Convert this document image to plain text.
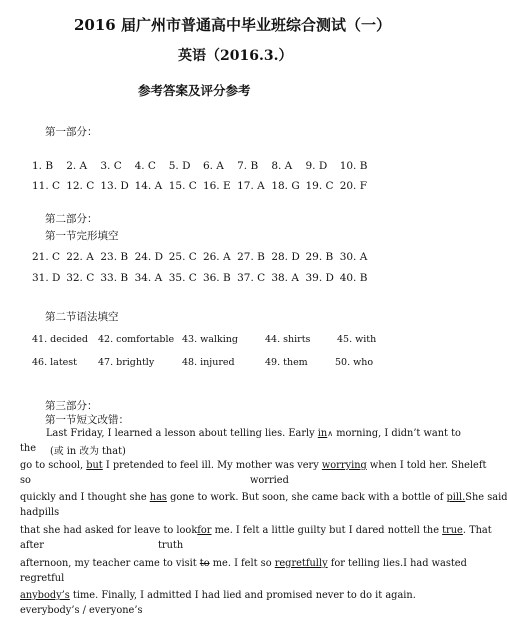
2016 届广州市普通高中毕业班综合测试（一）
英语（2016.3.）
参考答案及评分参考
第一部分：
1. B	2. A	3. C	4. C	5. D	6. A	7. B	8. A	9. D	10. B
11. C 12. C 13. D 14. A 15. C 16. E 17. A 18. G 19. C 20. F
第二部分：
第一节完形填空
21. C 22. A 23. B 24. D 25. C 26. A 27. B 28. D 29. B 30. A
31. D 32. C 33. B 34. A 35. C 36. B 37. C 38. A 39. D 40. B
第二节语法填空
41. decided 42. comfortable 43. walking	44. shirts	45. with
46. latest 47. brightly	48. injured	49. them	50. who
第三部分：
第一节短文改错：
Last Friday, I learned a lesson about telling lies. Early in∧ morning, I didn’t want to
the (或 in 改为 that)
go to school, but I pretended to feel ill. My mother was very worrying when I told her. Sheleft
so	worried
quickly and I thought she has gone to work. But soon, she came back with a bottle of pill.She said
hadpills
that she had asked for leave to lookfor me. I felt a little guilty but I dared nottell the true. That
after	truth
afternoon, my teacher came to visit to me. I felt so regretfully for telling lies.I had wasted
regretful
anybody’s time. Finally, I admitted I had lied and promised never to do it again.
everybody’s / everyone’s
